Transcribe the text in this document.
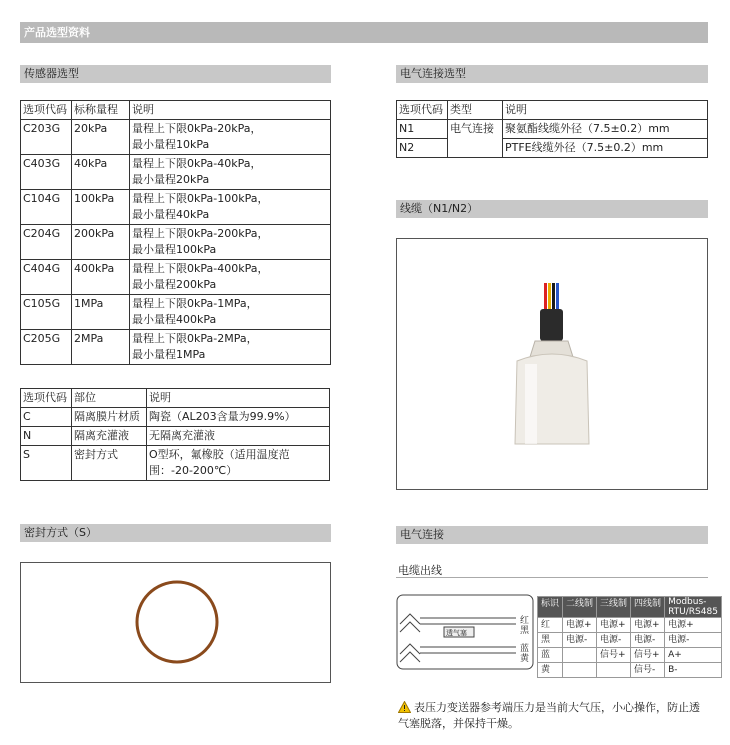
产品选型资料
传感器选型
选项代码	标称量程	说明
C203G	20kPa	量程上下限0kPa-20kPa，
最小量程10kPa

C403G	40kPa	量程上下限0kPa-40kPa，
最小量程20kPa

C104G	100kPa	量程上下限0kPa-100kPa，
最小量程40kPa

C204G	200kPa	量程上下限0kPa-200kPa，
最小量程100kPa

C404G	400kPa	量程上下限0kPa-400kPa，
最小量程200kPa

C105G	1MPa	量程上下限0kPa-1MPa，
最小量程400kPa

C205G	2MPa	量程上下限0kPa-2MPa，
最小量程1MPa
选项代码	部位	说明
C	隔离膜片材质	陶瓷（AL203含量为99.9%）
N	隔离充灌液	无隔离充灌液
S	密封方式	O型环，氟橡胶（适用温度范围：-20-200℃）
密封方式（S）
电气连接选型
选项代码	类型	说明
N1	电气连接	聚氨酯线缆外径（7.5±0.2）mm
N2		PTFE线缆外径（7.5±0.2）mm
线缆（N1/N2）
电气连接
电缆出线
透气塞
红
黑
蓝
黄
标识	二线制	三线制	四线制	Modbus-RTU/RS485
红	电源+	电源+	电源+	电源+
黑	电源-	电源-	电源-	电源-
蓝		信号+	信号+	A+
黄			信号-	B-
表压力变送器参考端压力是当前大气压，小心操作，防止透气塞脱落，并保持干燥。
